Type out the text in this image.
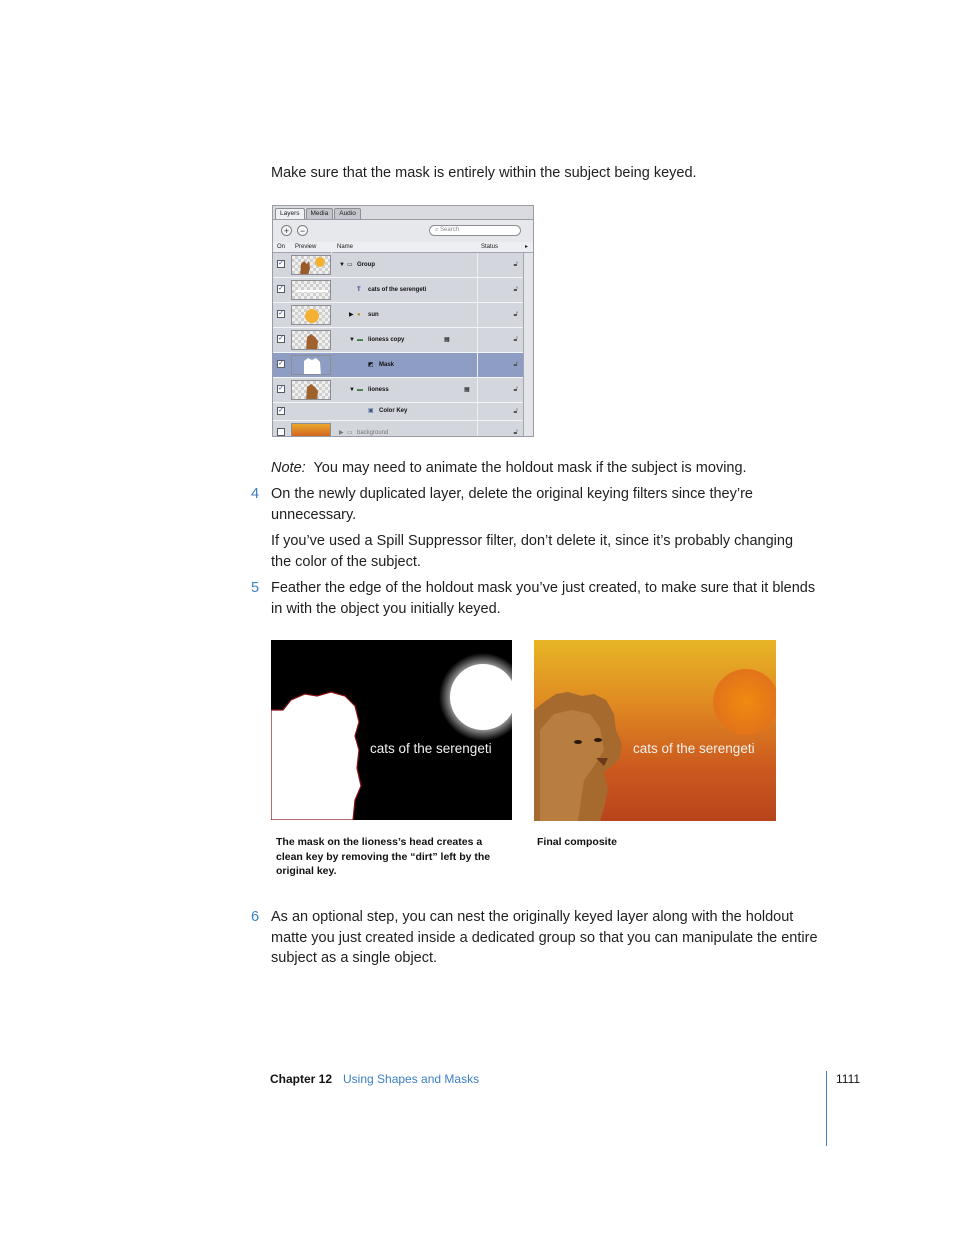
Make sure that the mask is entirely within the subject being keyed.
Layers	Media	Audio
+	−	⌕ Search
On Preview	Name	Status	▸
✓	▼ ▭ Group	🔓︎
✓	T cats of the serengeti	🔓︎
✓	▶ ● sun	🔓︎
✓	▼ ▬ lioness copy	▦	🔓︎
✓	◩ Mask	🔓︎
✓	▼ ▬ lioness	▦	🔓︎
✓	▣ Color Key	🔓︎
▶ ▭ background	🔓︎
Note: You may need to animate the holdout mask if the subject is moving.
4 On the newly duplicated layer, delete the original keying filters since they’re unnecessary.
If you’ve used a Spill Suppressor filter, don’t delete it, since it’s probably changing the color of the subject.
5 Feather the edge of the holdout mask you’ve just created, to make sure that it blends in with the object you initially keyed.
cats of the serengeti	cats of the serengeti
The mask on the lioness’s head creates a clean key by removing the “dirt” left by the original key.
Final composite
6 As an optional step, you can nest the originally keyed layer along with the holdout matte you just created inside a dedicated group so that you can manipulate the entire subject as a single object.
Chapter 12 Using Shapes and Masks	1111
